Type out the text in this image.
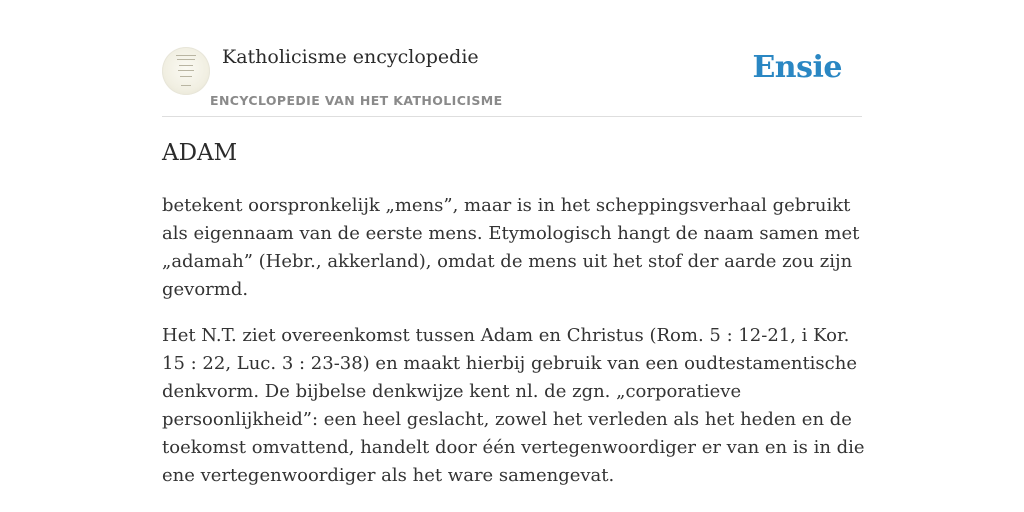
Katholicisme encyclopedie
ENCYCLOPEDIE VAN HET KATHOLICISME
Ensie
ADAM

betekent oorspronkelijk „mens”, maar is in het scheppingsverhaal gebruikt als eigennaam van de eerste mens. Etymologisch hangt de naam samen met „adamah” (Hebr., akkerland), omdat de mens uit het stof der aarde zou zijn gevormd.

Het N.T. ziet overeenkomst tussen Adam en Christus (Rom. 5 : 12-21, i Kor. 15 : 22, Luc. 3 : 23-38) en maakt hierbij gebruik van een oudtestamentische denkvorm. De bijbelse denkwijze kent nl. de zgn. „corporatieve persoonlijkheid”: een heel geslacht, zowel het verleden als het heden en de toekomst omvattend, handelt door één vertegenwoordiger er van en is in die ene vertegenwoordiger als het ware samengevat.
